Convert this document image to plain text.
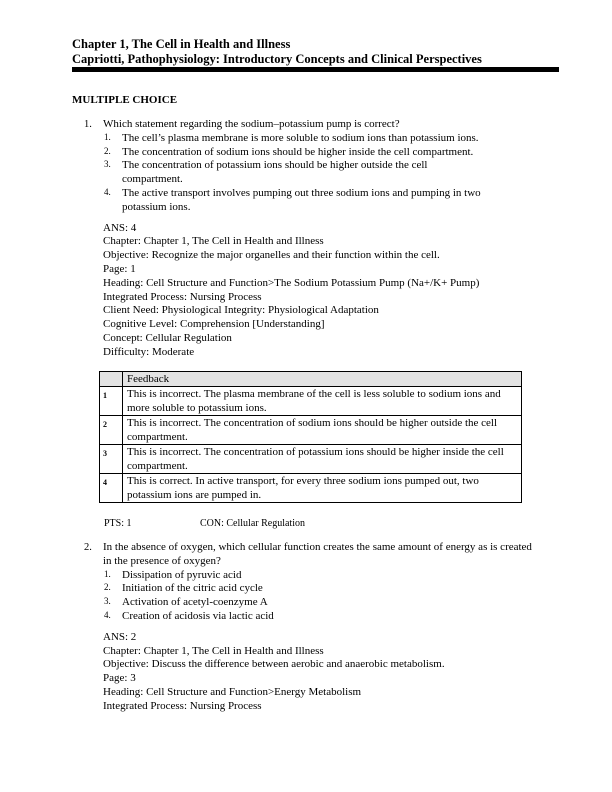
Chapter 1, The Cell in Health and Illness
Capriotti, Pathophysiology: Introductory Concepts and Clinical Perspectives
MULTIPLE CHOICE
1. Which statement regarding the sodium–potassium pump is correct?
1. The cell’s plasma membrane is more soluble to sodium ions than potassium ions.
2. The concentration of sodium ions should be higher inside the cell compartment.
3. The concentration of potassium ions should be higher outside the cell compartment.
4. The active transport involves pumping out three sodium ions and pumping in two potassium ions.
ANS: 4
Chapter: Chapter 1, The Cell in Health and Illness
Objective: Recognize the major organelles and their function within the cell.
Page: 1
Heading: Cell Structure and Function>The Sodium Potassium Pump (Na+/K+ Pump)
Integrated Process: Nursing Process
Client Need: Physiological Integrity: Physiological Adaptation
Cognitive Level: Comprehension [Understanding]
Concept: Cellular Regulation
Difficulty: Moderate
	Feedback
1	This is incorrect. The plasma membrane of the cell is less soluble to sodium ions and more soluble to potassium ions.
2	This is incorrect. The concentration of sodium ions should be higher outside the cell compartment.
3	This is incorrect. The concentration of potassium ions should be higher inside the cell compartment.
4	This is correct. In active transport, for every three sodium ions pumped out, two potassium ions are pumped in.
PTS: 1	CON: Cellular Regulation
2. In the absence of oxygen, which cellular function creates the same amount of energy as is created in the presence of oxygen?
1. Dissipation of pyruvic acid
2. Initiation of the citric acid cycle
3. Activation of acetyl-coenzyme A
4. Creation of acidosis via lactic acid
ANS: 2
Chapter: Chapter 1, The Cell in Health and Illness
Objective: Discuss the difference between aerobic and anaerobic metabolism.
Page: 3
Heading: Cell Structure and Function>Energy Metabolism
Integrated Process: Nursing Process
